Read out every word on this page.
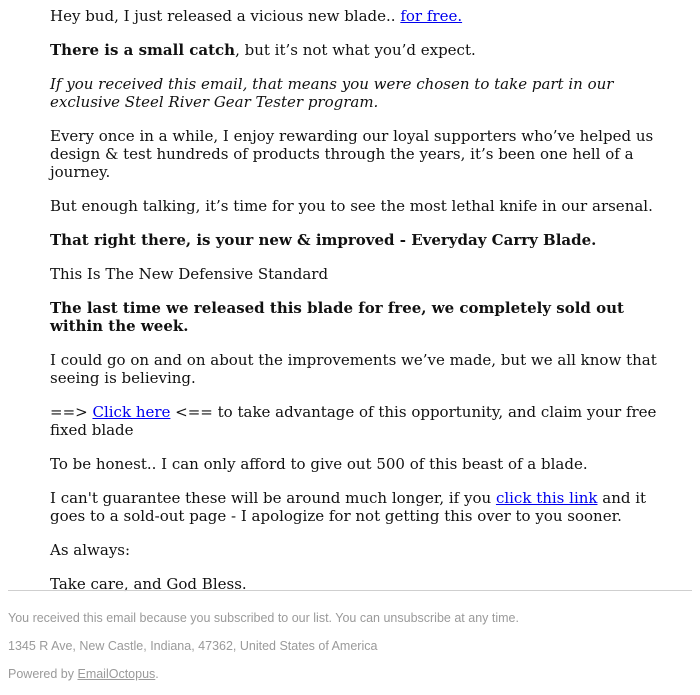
Hey bud, I just released a vicious new blade.. for free.

There is a small catch, but it’s not what you’d expect.

If you received this email, that means you were chosen to take part in our exclusive Steel River Gear Tester program.

Every once in a while, I enjoy rewarding our loyal supporters who’ve helped us design & test hundreds of products through the years, it’s been one hell of a journey.

But enough talking, it’s time for you to see the most lethal knife in our arsenal.

That right there, is your new & improved - Everyday Carry Blade.

This Is The New Defensive Standard

The last time we released this blade for free, we completely sold out within the week.

I could go on and on about the improvements we’ve made, but we all know that seeing is believing.

==> Click here <== to take advantage of this opportunity, and claim your free fixed blade

To be honest.. I can only afford to give out 500 of this beast of a blade.

I can't guarantee these will be around much longer, if you click this link and it goes to a sold-out page - I apologize for not getting this over to you sooner.

As always:

Take care, and God Bless.

You received this email because you subscribed to our list. You can unsubscribe at any time.

1345 R Ave, New Castle, Indiana, 47362, United States of America

Powered by EmailOctopus.
